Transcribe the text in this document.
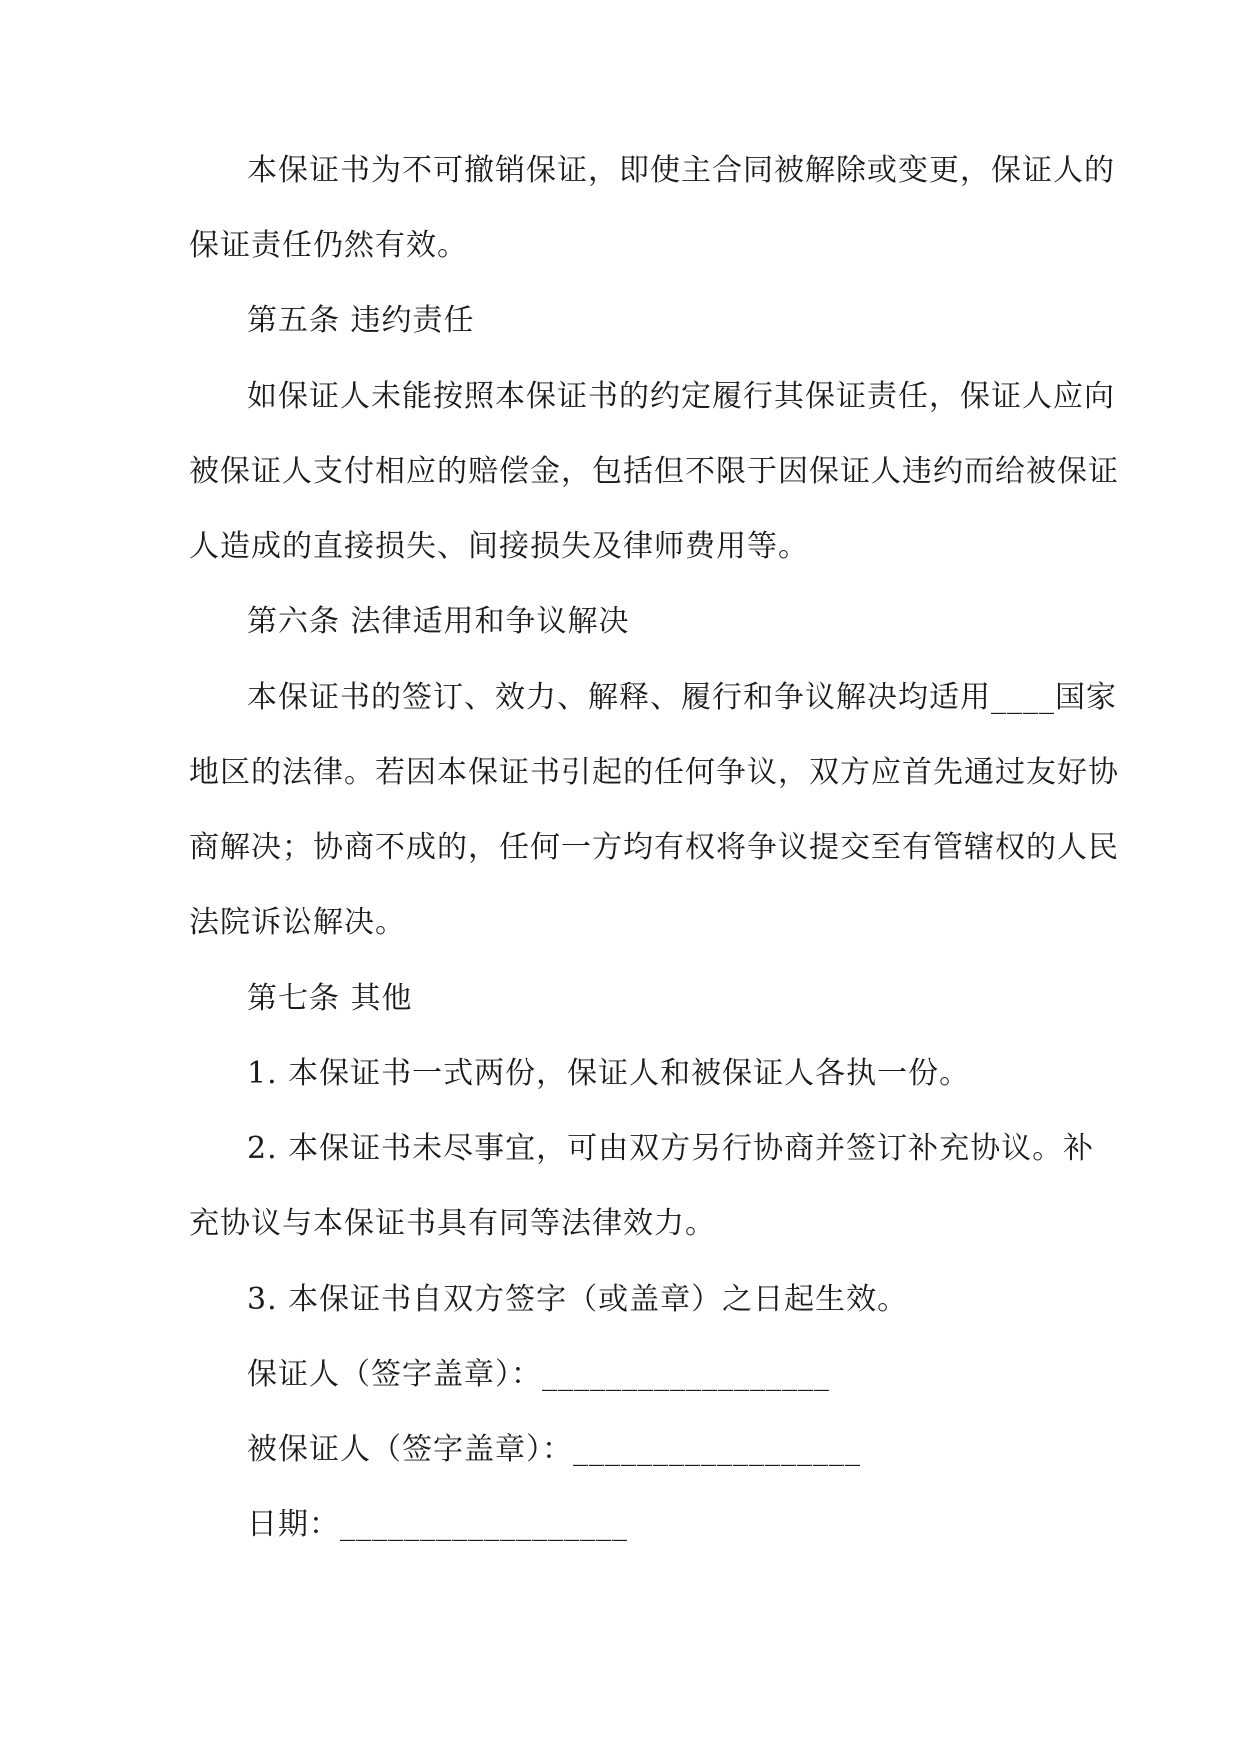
本保证书为不可撤销保证，即使主合同被解除或变更，保证人的
保证责任仍然有效。
第五条 违约责任
如保证人未能按照本保证书的约定履行其保证责任，保证人应向
被保证人支付相应的赔偿金，包括但不限于因保证人违约而给被保证
人造成的直接损失、间接损失及律师费用等。
第六条 法律适用和争议解决
本保证书的签订、效力、解释、履行和争议解决均适用____国家
地区的法律。若因本保证书引起的任何争议，双方应首先通过友好协
商解决；协商不成的，任何一方均有权将争议提交至有管辖权的人民
法院诉讼解决。
第七条 其他
1. 本保证书一式两份，保证人和被保证人各执一份。
2. 本保证书未尽事宜，可由双方另行协商并签订补充协议。补
充协议与本保证书具有同等法律效力。
3. 本保证书自双方签字（或盖章）之日起生效。
保证人（签字盖章）：__________________
被保证人（签字盖章）：__________________
日期：__________________
